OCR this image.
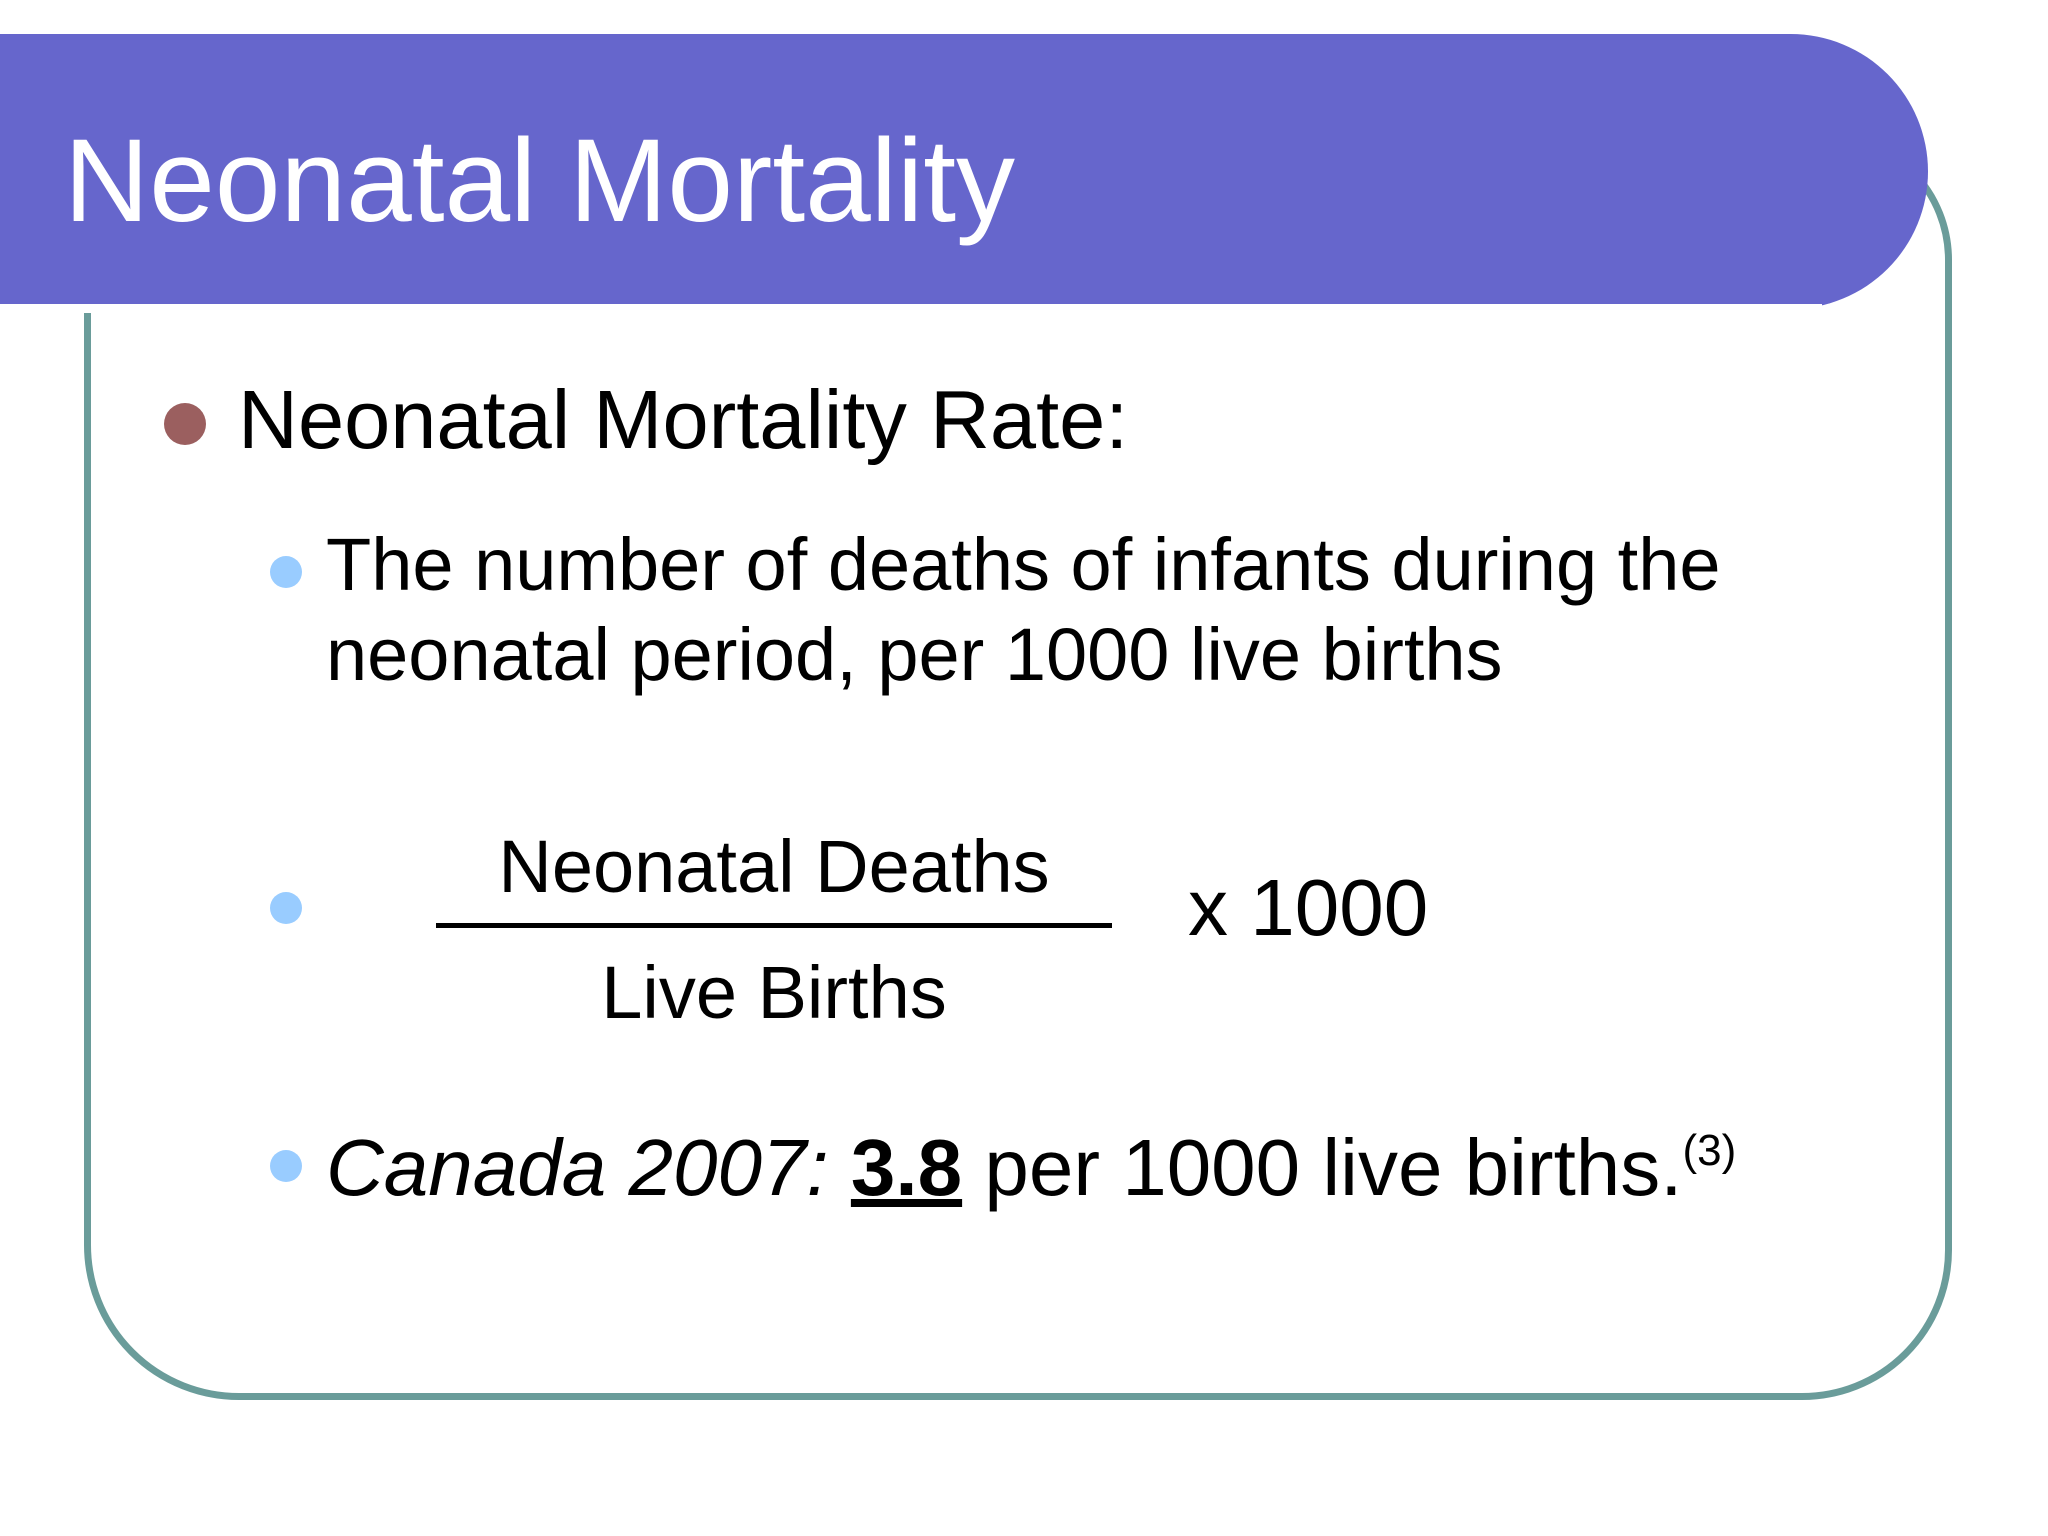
Neonatal Mortality
Neonatal Mortality Rate:
The number of deaths of infants during the
neonatal period, per 1000 live births
Neonatal Deaths
Live Births
x 1000
Canada 2007: 3.8 per 1000 live births.$^{(3)}$
